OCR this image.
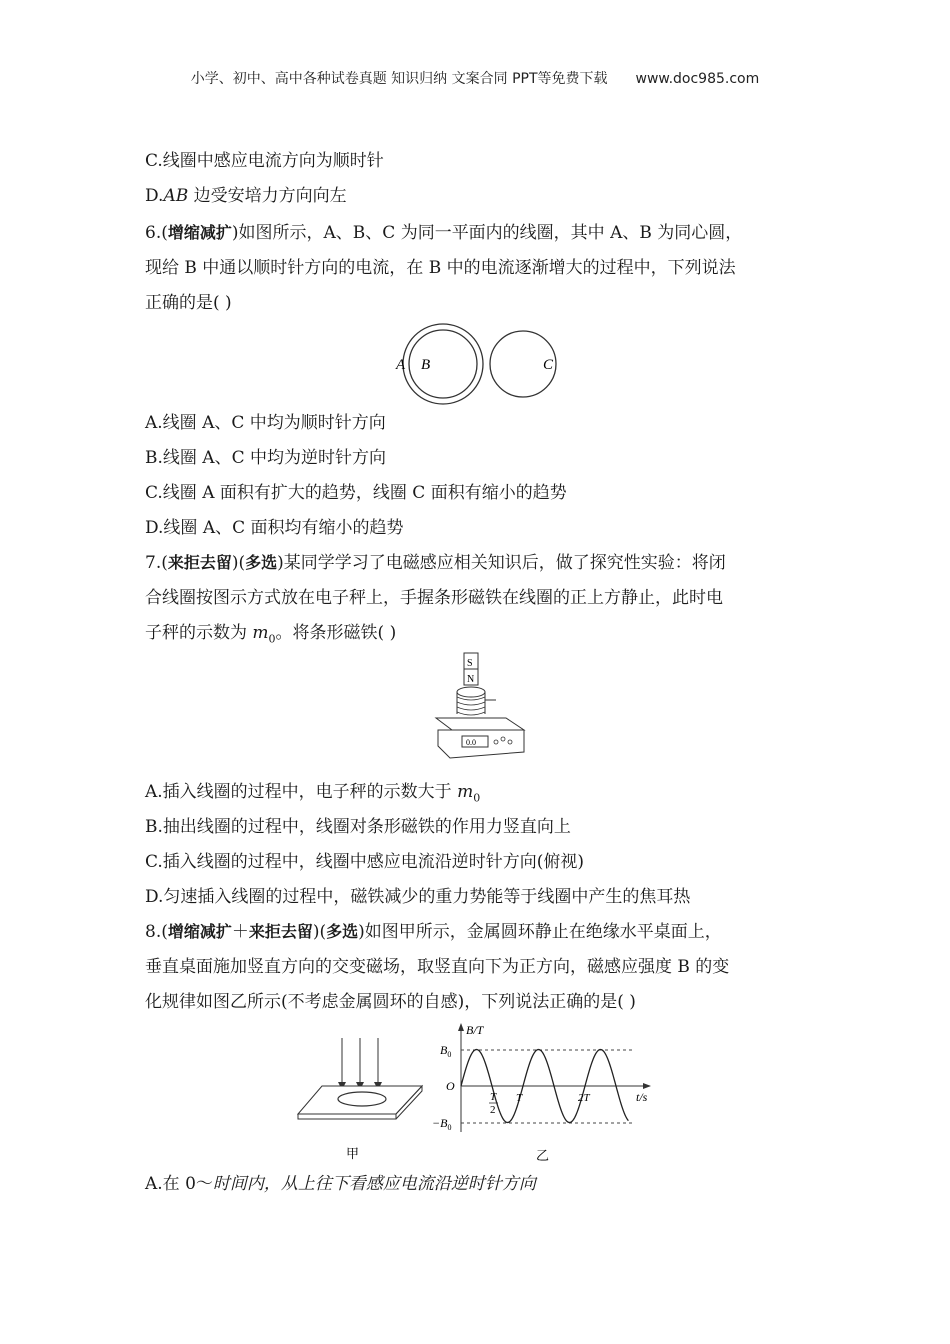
小学、初中、高中各种试卷真题 知识归纳 文案合同 PPT等免费下载 www.doc985.com
C.线圈中感应电流方向为顺时针
D.AB 边受安培力方向向左
6.(增缩减扩)如图所示，A、B、C 为同一平面内的线圈，其中 A、B 为同心圆，
现给 B 中通以顺时针方向的电流，在 B 中的电流逐渐增大的过程中，下列说法
正确的是( )
A.线圈 A、C 中均为顺时针方向
B.线圈 A、C 中均为逆时针方向
C.线圈 A 面积有扩大的趋势，线圈 C 面积有缩小的趋势
D.线圈 A、C 面积均有缩小的趋势
7.(来拒去留)(多选)某同学学习了电磁感应相关知识后，做了探究性实验：将闭
合线圈按图示方式放在电子秤上，手握条形磁铁在线圈的正上方静止，此时电
子秤的示数为 $m_0$。将条形磁铁( )
A.插入线圈的过程中，电子秤的示数大于 $m_0$
B.抽出线圈的过程中，线圈对条形磁铁的作用力竖直向上
C.插入线圈的过程中，线圈中感应电流沿逆时针方向(俯视)
D.匀速插入线圈的过程中，磁铁减少的重力势能等于线圈中产生的焦耳热
8.(增缩减扩＋来拒去留)(多选)如图甲所示，金属圆环静止在绝缘水平桌面上，
垂直桌面施加竖直方向的交变磁场，取竖直向下为正方向，磁感应强度 B 的变
化规律如图乙所示(不考虑金属圆环的自感)，下列说法正确的是( )
A.在 0～时间内，从上往下看感应电流沿逆时针方向
A B	C
S
N
0.0
甲
B/T
$B_0$
O
$-B_0$
T
2
T	2T	t/s
乙
